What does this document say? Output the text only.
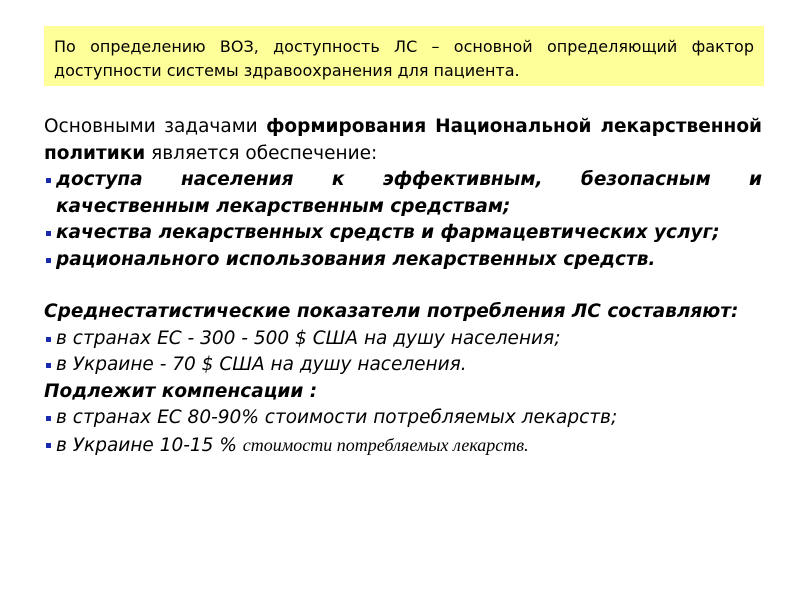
По определению ВОЗ, доступность ЛС – основной определяющий фактор доступности системы здравоохранения для пациента.

Основными задачами формирования Национальной лекарственной политики является обеспечение:

доступа населения к эффективным, безопасным и качественным лекарственным средствам;
качества лекарственных средств и фармацевтических услуг;
рационального использования лекарственных средств.

Среднестатистические показатели потребления ЛС составляют:

в странах ЕС - 300 - 500 $ США на душу населения;
в Украине - 70 $ США на душу населения.

Подлежит компенсации :

в странах ЕС 80-90% стоимости потребляемых лекарств;
в Украине 10-15 % стоимости потребляемых лекарств.
